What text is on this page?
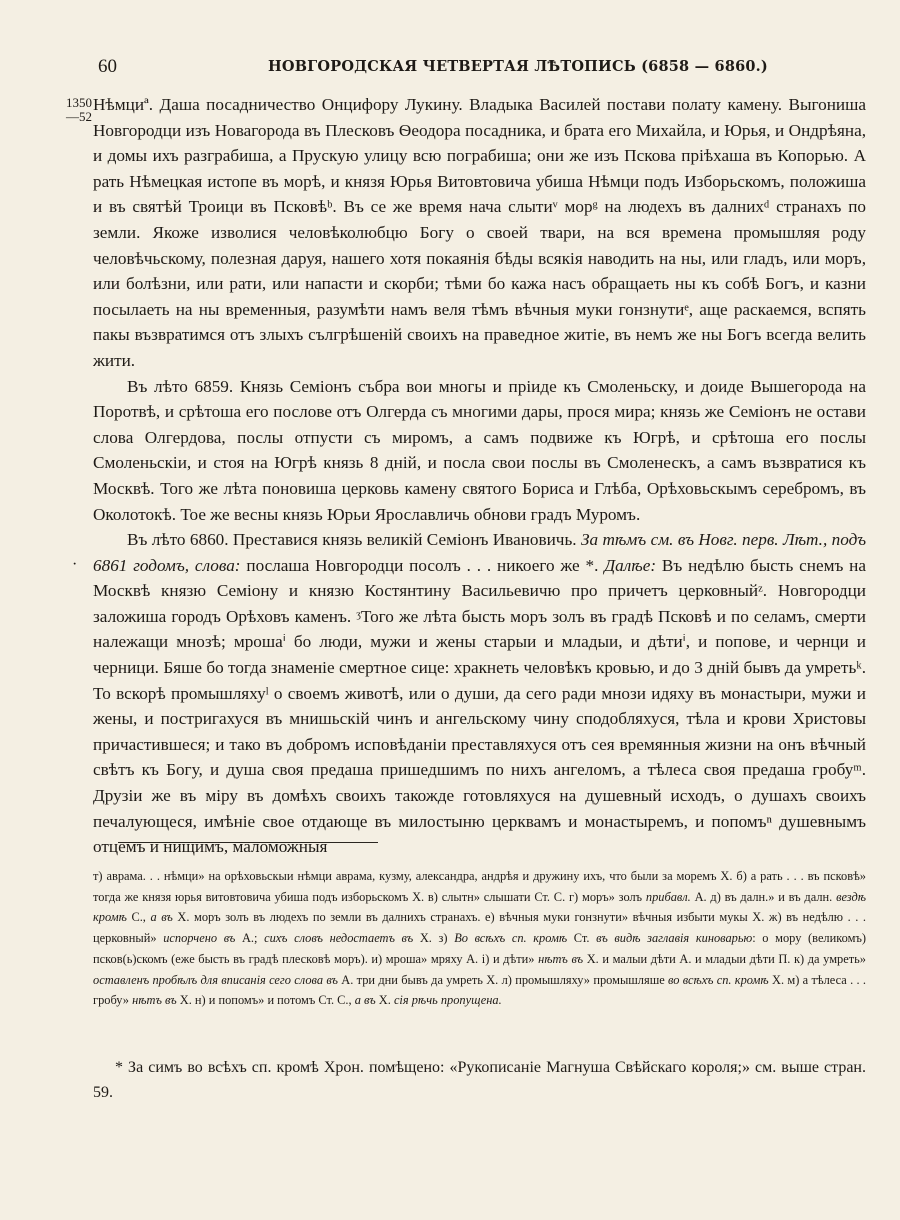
60	НОВГОРОДСКАЯ ЧЕТВЕРТАЯ ЛѢТОПИСЬ (6858 — 6860.)
1350
—52
·

Нѣмциª. Даша посадничество Онцифору Лукину. Владыка Василей постави полату камену. Выгониша Новгородци изъ Новагорода въ Плесковъ Ѳеодора посадника, и брата его Михайла, и Юрья, и Ондрѣяна, и домы ихъ разграбиша, а Прускую улицу всю пограбиша; они же изъ Пскова прiѣхаша въ Копорью. А рать Нѣмецкая истопе въ морѣ, и князя Юрья Витовтовича убиша Нѣмци подъ Изборьскомъ, положиша и въ святѣй Троици въ Псковѣᵇ. Въ се же время нача слытиᵛ морᵍ на людехъ въ далнихᵈ странахъ по земли. Якоже изволися человѣколюбцю Богу о своей твари, на вся времена промышляя роду человѣчьскому, полезная даруя, нашего хотя покаянiя бѣды всякiя наводить на ны, или гладъ, или моръ, или болѣзни, или рати, или напасти и скорби; тѣми бо кажа насъ обращаеть ны къ собѣ Богъ, и казни посылаеть на ны временныя, разумѣти намъ веля тѣмъ вѣчныя муки гонзнутиᵉ, аще раскаемся, вспять пакы възвратимся отъ злыхъ сългрѣшенiй своихъ на праведное житiе, въ немъ же ны Богъ всегда велить жити.

Въ лѣто 6859. Князь Семiонъ събра вои многы и прiиде къ Смоленьску, и доиде Вышегорода на Поротвѣ, и срѣтоша его послове отъ Олгерда съ многими дары, прося мира; князь же Семiонъ не остави слова Олгердова, послы отпусти съ миромъ, а самъ подвиже къ Югрѣ, и срѣтоша его послы Смоленьскiи, и стоя на Югрѣ князь 8 днiй, и посла свои послы въ Смоленескъ, а самъ възвратися къ Москвѣ. Того же лѣта поновиша церковь камену святого Бориса и Глѣба, Орѣховьскымъ серебромъ, въ Околотокѣ. Тое же весны князь Юрьи Ярославличь обнови градъ Муромъ.

Въ лѣто 6860. Преставися князь великiй Семiонъ Ивановичь. За тѣмъ см. въ Новг. перв. Лѣт., подъ 6861 годомъ, слова: послаша Новгородци посолъ . . . никоего же *. Далѣе: Въ недѣлю бысть снемъ на Москвѣ князю Семiону и князю Костянтину Васильевичю про причетъ церковныйᶻ. Новгородци заложиша городъ Орѣховъ каменъ. ᶾТого же лѣта бысть моръ золъ въ градѣ Псковѣ и по селамъ, смерти належащи мнозѣ; мрошаⁱ бо люди, мужи и жены старыи и младыи, и дѣтиⁱ, и попове, и чернци и черници. Бяше бо тогда знаменiе смертное сице: хракнеть человѣкъ кровью, и до 3 днiй бывъ да умретьᵏ. То вскорѣ промышляхуˡ о своемъ животѣ, или о души, да сего ради мнози идяху въ монастыри, мужи и жены, и постригахуся въ мнишьскiй чинъ и ангельскому чину сподобляхуся, тѣла и крови Христовы причастившеся; и тако въ добромъ исповѣданiи преставляхуся отъ сея времянныя жизни на онъ вѣчный свѣтъ къ Богу, и душа своя предаша пришедшимъ по нихъ ангеломъ, а тѣлеса своя предаша гробуᵐ. Друзiи же въ мiру въ домѣхъ своихъ такожде готовляхуся на душевный исходъ, о душахъ своихъ печалующеся, имѣнiе свое отдающе въ милостыню церквамъ и монастыремъ, и попомъⁿ душевнымъ отцемъ и нищимъ, маломожныя

т) аврама. . . нѣмци» на орѣховьскыи нѣмци аврама, кузму, александра, андрѣя и дружину ихъ, что были за моремъ Х. б) а рать . . . въ псковѣ» тогда же князя юрья витовтовича убиша подъ изборьскомъ Х. в) слытн» слышати Ст. С. г) моръ» золъ прибавл. А. д) въ далн.» и въ далн. вездѣ кромѣ С., а въ Х. моръ золъ въ людехъ по земли въ далнихъ странахъ. е) вѣчныя муки гонзнути» вѣчныя избыти мукы Х. ж) въ недѣлю . . . церковный» испорчено въ А.; сихъ словъ недостаетъ въ Х. з) Во всѣхъ сп. кромѣ Ст. въ видѣ заглавія киноварью: о мору (великомъ) псков(ь)скомъ (еже бысть въ градѣ плесковѣ моръ). и) мроша» мряху А. і) и дѣти» нѣтъ въ Х. и малыи дѣти А. и младыи дѣти П. к) да умреть» оставленъ пробѣлъ для вписанія сего слова въ А. три дни бывъ да умреть Х. л) промышляху» промышляше во всѣхъ сп. кромѣ Х. м) а тѣлеса . . . гробу» нѣтъ въ Х. н) и попомъ» и потомъ Ст. С., а въ Х. сія рѣчь пропущена.

* За симъ во всѣхъ сп. кромѣ Хрон. помѣщено: «Рукописанiе Магнуша Свѣйскаго короля;» см. выше стран. 59.
